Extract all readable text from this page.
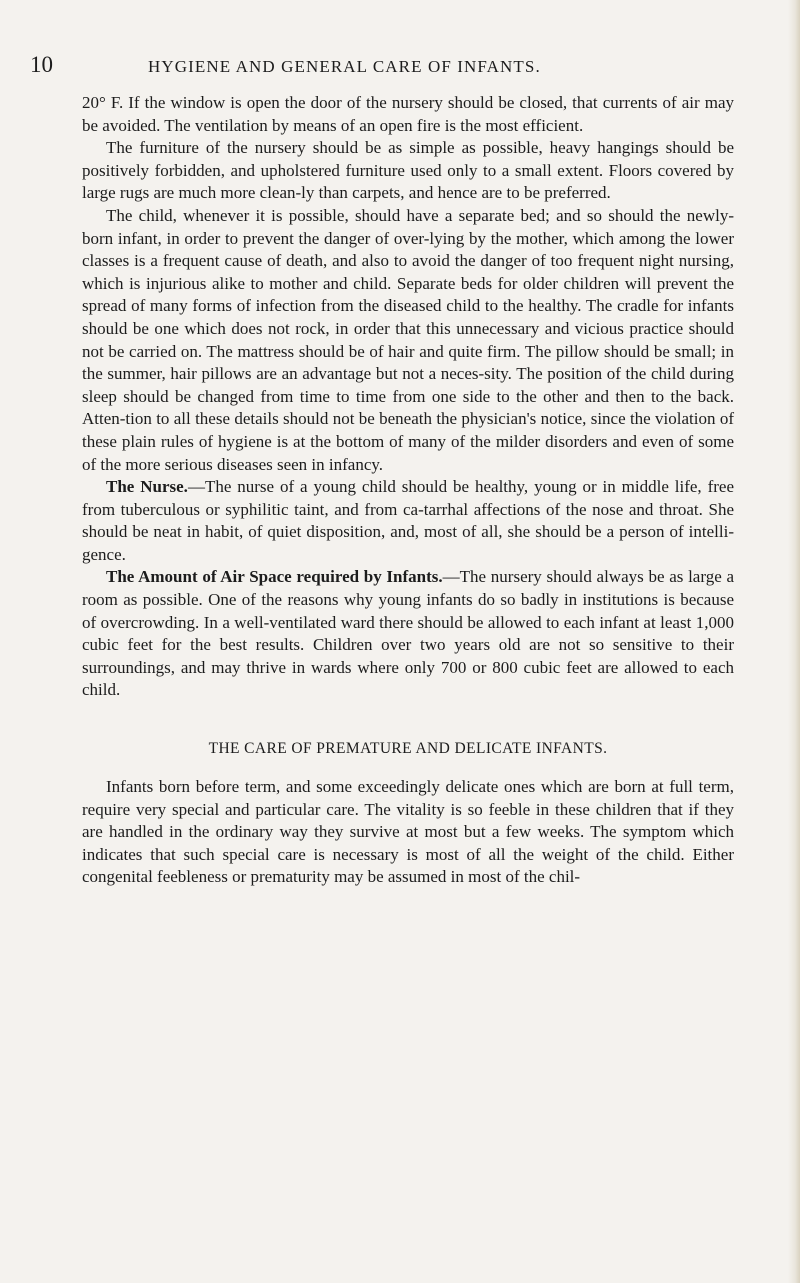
10	HYGIENE AND GENERAL CARE OF INFANTS.

20° F. If the window is open the door of the nursery should be closed, that currents of air may be avoided. The ventilation by means of an open fire is the most efficient.

The furniture of the nursery should be as simple as possible, heavy hangings should be positively forbidden, and upholstered furniture used only to a small extent. Floors covered by large rugs are much more clean-ly than carpets, and hence are to be preferred.

The child, whenever it is possible, should have a separate bed; and so should the newly-born infant, in order to prevent the danger of over-lying by the mother, which among the lower classes is a frequent cause of death, and also to avoid the danger of too frequent night nursing, which is injurious alike to mother and child. Separate beds for older children will prevent the spread of many forms of infection from the diseased child to the healthy. The cradle for infants should be one which does not rock, in order that this unnecessary and vicious practice should not be carried on. The mattress should be of hair and quite firm. The pillow should be small; in the summer, hair pillows are an advantage but not a neces-sity. The position of the child during sleep should be changed from time to time from one side to the other and then to the back. Atten-tion to all these details should not be beneath the physician's notice, since the violation of these plain rules of hygiene is at the bottom of many of the milder disorders and even of some of the more serious diseases seen in infancy.

The Nurse.—The nurse of a young child should be healthy, young or in middle life, free from tuberculous or syphilitic taint, and from ca-tarrhal affections of the nose and throat. She should be neat in habit, of quiet disposition, and, most of all, she should be a person of intelli-gence.

The Amount of Air Space required by Infants.—The nursery should always be as large a room as possible. One of the reasons why young infants do so badly in institutions is because of overcrowding. In a well-ventilated ward there should be allowed to each infant at least 1,000 cubic feet for the best results. Children over two years old are not so sensitive to their surroundings, and may thrive in wards where only 700 or 800 cubic feet are allowed to each child.

THE CARE OF PREMATURE AND DELICATE INFANTS.

Infants born before term, and some exceedingly delicate ones which are born at full term, require very special and particular care. The vitality is so feeble in these children that if they are handled in the ordinary way they survive at most but a few weeks. The symptom which indicates that such special care is necessary is most of all the weight of the child. Either congenital feebleness or prematurity may be assumed in most of the chil-
